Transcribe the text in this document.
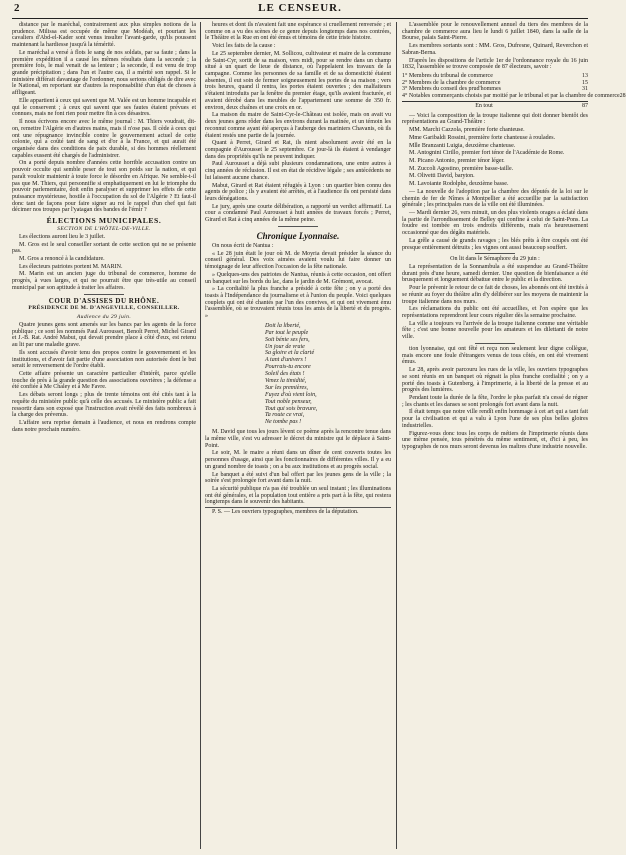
2	LE CENSEUR.

distance par le maréchal, contrairement aux plus simples notions de la prudence. Milissa est occupée de même que Modéah, et pourtant les cavaliers d'Abd-el-Kader sont venus insulter l'avant-garde, qu'ils poussent maintenant la hardiesse jusqu'à la témérité.

Le maréchal a versé à flots le sang de nos soldats, par sa faute ; dans la première expédition il a causé les mêmes résultats dans la seconde ; la première fois, le mal venait de sa lenteur ; la seconde, il est venu de trop grande précipitation ; dans l'un et l'autre cas, il a mérité son rappel. Si le ministère différait davantage de l'ordonner, nous serions obligés de dire avec le National, en reportant sur d'autres la responsabilité d'un état de choses à affligeant.

Elle appartient à ceux qui savent que M. Valée est un homme incapable et qui le conservent ; à ceux qui savent que ses fautes étaient prévues et connues, mais ne font rien pour mettre fin à ces désastres.

Il nous écrivons encore avec le même journal : M. Thiers voudrait, dit-on, remettre l'Algérie en d'autres mains, mais il n'ose pas. Il cède à ceux qui ont une répugnance invincible contre le gouvernement actuel de cette colonie, qui a coûté tant de sang et d'or à la France, et qui aurait été organisée dans des conditions de paix durable, si des hommes réellement capables eussent été chargés de l'administrer.

On a porté depuis nombre d'années cette horrible accusation contre un pouvoir occulte qui semble peser de tout son poids sur la nation, et qui paraît vouloir maintenir à toute force le désordre en Afrique. Ne semble-t-il pas que M. Thiers, qui personnifie si emphatiquement en lui le triomphe du pouvoir parlementaire, doit enfin paralyser et supprimer les effets de cette puissance mystérieuse, hostile à l'occupation du sol de l'Algérie ? Et faut-il donc tant de façons pour faire signer au roi le rappel d'un chef qui fait décimer nos troupes par l'yatagan des bandes de l'émir ?

ÉLECTIONS MUNICIPALES.
SECTION DE L'HÔTEL-DE-VILLE.

Les élections auront lieu le 3 juillet.

M. Gros est le seul conseiller sortant de cette section qui ne se présente pas.

M. Gros a renoncé à la candidature.

Les électeurs patriotes portent M. MARIN.

M. Marin est un ancien juge du tribunal de commerce, homme de progrès, à vues larges, et qui ne pourrait être que très-utile au conseil municipal par son aptitude à traiter les affaires.

COUR D'ASSISES DU RHÔNE.
PRÉSIDENCE DE M. D'ANGEVILLE, CONSEILLER.
Audience du 29 juin.

Quatre jeunes gens sont amenés sur les bancs par les agents de la force publique ; ce sont les nommés Paul Aurousset, Benoît Perret, Michel Girard et J.-B. Rat. André Mabut, qui devait prendre place à côté d'eux, est retenu au lit par une maladie grave.

Ils sont accusés d'avoir tenu des propos contre le gouvernement et les institutions, et d'avoir fait partie d'une association non autorisée dont le but serait le renversement de l'ordre établi.

Cette affaire présente un caractère particulier d'intérêt, parce qu'elle touche de près à la grande question des associations ouvrières ; la défense a été confiée à Me Chaley et à Me Favre.

Les débats seront longs ; plus de trente témoins ont été cités tant à la requête du ministère public qu'à celle des accusés. Le ministère public a fait ressortir dans son exposé que l'instruction avait révélé des faits nombreux à la charge des prévenus.

L'affaire sera reprise demain à l'audience, et nous en rendrons compte dans notre prochain numéro.

heures et dont ils n'avaient fait une espérance si cruellement renversée ; et comme on a vu des scènes de ce genre depuis longtemps dans nos contrées, le Théâtre et la Rue en ont été émus et témoins de cette triste histoire.

Voici les faits de la cause :

Le 25 septembre dernier, M. Sollicou, cultivateur et maire de la commune de Saint-Cyr, sortit de sa maison, vers midi, pour se rendre dans un champ situé à un quart de lieue de distance, où l'appelaient les travaux de la campagne. Comme les personnes de sa famille et de sa domesticité étaient absentes, il eut soin de fermer soigneusement les portes de sa maison ; vers trois heures, quand il rentra, les portes étaient ouvertes ; des malfaiteurs s'étaient introduits par la fenêtre du premier étage, qu'ils avaient fracturée, et avaient dérobé dans les meubles de l'appartement une somme de 350 fr. environ, deux chaînes et une croix en or.

La maison du maire de Saint-Cyr-le-Château est isolée, mais on avait vu deux jeunes gens rôder dans les environs durant la matinée, et un témoin les reconnut comme ayant été aperçus à l'auberge des mariniers Chavanis, où ils étaient restés une partie de la journée.

Quant à Perret, Girard et Rat, ils nient absolument avoir été en la compagnie d'Aurousset le 25 septembre. Ce jour-là ils étaient à vendanger dans des propriétés qu'ils ne peuvent indiquer.

Paul Aurousset a déjà subi plusieurs condamnations, une entre autres à cinq années de réclusion. Il est en état de récidive légale ; ses antécédents ne lui laissent aucune chance.

Mabut, Girard et Rat étaient réfugiés à Lyon : un quartier bien connu des agents de police ; ils y avaient été arrêtés, et à l'audience ils ont persisté dans leurs dénégations.

Le jury, après une courte délibération, a rapporté un verdict affirmatif. La cour a condamné Paul Aurousset à huit années de travaux forcés ; Perret, Girard et Rat à cinq années de la même peine.

Chronique Lyonnaise.

On nous écrit de Nantua :

« Le 28 juin était le jour où M. de Moyria devait présider la séance du conseil général. Des voix aimées avaient voulu lui faire donner un témoignage de leur affection l'occasion de la fête nationale.

» Quelques-uns des patriotes de Nantua, réunis à cette occasion, ont offert un banquet sur les bords du lac, dans le jardin de M. Grémont, avocat.

» La cordialité la plus franche a présidé à cette fête ; on y a porté des toasts à l'Indépendance du journalisme et à l'union du peuple. Voici quelques couplets qui ont été chantés par l'un des convives, et qui ont vivement ému l'assemblée, où se trouvaient réunis tous les amis de la liberté et du progrès. »

Doit la liberté,
Par tout le peuple
Soit bénie ses fers,
Un jour de vraie
Sa gloire et la clarté
A tant d'univers !
Pourrais-tu encore
Soleil des états !
Venez la timidité,
Sur les premières,
Fuyez d'où vient loin,
Tout noble penseur,
Tout qui sois bravure,
Ta route ce vrai,
Ne tombe pas !

M. David que tous les jours lèvent ce poème après la rencontre tenue dans la même ville, s'est vu adresser le décret du ministre qui le déplace à Saint-Point.

Le soir, M. le maire a réuni dans un dîner de cent couverts toutes les personnes d'usage, ainsi que les fonctionnaires de différentes villes. Il y a eu un grand nombre de toasts ; on a bu aux institutions et au progrès social.

Le banquet a été suivi d'un bal offert par les jeunes gens de la ville ; la soirée s'est prolongée fort avant dans la nuit.

La sécurité publique n'a pas été troublée un seul instant ; les illuminations ont été générales, et la population tout entière a pris part à la fête, qui restera longtemps dans le souvenir des habitants.

P. S. — Les ouvriers typographes, membres de la députation.

L'assemblée pour le renouvellement annuel du tiers des membres de la chambre de commerce aura lieu le lundi 6 juillet 1840, dans la salle de la Bourse, palais Saint-Pierre.

Les membres sortants sont : MM. Gros, Dufresne, Quinard, Reverchon et Sabran-Berna.

D'après les dispositions de l'article 1er de l'ordonnance royale du 16 juin 1832, l'assemblée se trouve composée de 87 électeurs, savoir :

1° Membres du tribunal de commerce	13
2° Membres de la chambre de commerce	15
3° Membres du conseil des prud'hommes	31
4° Notables commerçants choisis par moitié par le tribunal et par la chambre de commerce 28
En tout	87

— Voici la composition de la troupe italienne qui doit donner bientôt des représentations au Grand-Théâtre :

MM. Marchi Cazzola, première forte chanteuse.

Mme Garibaldi Rossini, première forte chanteuse à roulades.

Mlle Branzanti Luigia, deuxième chanteuse.

M. Antognini Cirillo, premier fort ténor de l'Académie de Rome.

M. Picano Antonio, premier ténor léger.

M. Zuccoli Agostino, première basse-taille.

M. Olivetti David, baryton.

M. Lavoiante Rodolphe, deuxième basse.

— La nouvelle de l'adoption par la chambre des députés de la loi sur le chemin de fer de Nîmes à Montpellier a été accueillie par la satisfaction générale ; les principales rues de la ville ont été illuminées.

— Mardi dernier 26, vers minuit, un des plus violents orages a éclaté dans la partie de l'arrondissement de Belley qui confine à celui de Saint-Pons. La foudre est tombée en trois endroits différents, mais n'a heureusement occasionné que des dégâts matériels.

La grêle a causé de grands ravages ; les blés prêts à être coupés ont été presque entièrement détruits ; les vignes ont aussi beaucoup souffert.

On lit dans le Sémaphore du 29 juin :

La représentation de la Sonnambula a été suspendue au Grand-Théâtre durant près d'une heure, samedi dernier. Une question de bienfaisance a été brusquement et longuement débattue entre le public et la direction.

Pour le prévenir le retour de ce fait de choses, les abonnés ont été invités à se réunir au foyer du théâtre afin d'y délibérer sur les moyens de maintenir la troupe italienne dans nos murs.

Les réclamations du public ont été accueillies, et l'on espère que les représentations reprendront leur cours régulier dès la semaine prochaine.

La ville a toujours vu l'arrivée de la troupe italienne comme une véritable fête ; c'est une bonne nouvelle pour les amateurs et les dilettanti de notre ville.

tion lyonnaise, qui ont fêté et reçu non seulement leur digne collègue, mais encore une foule d'étrangers venus de tous côtés, en ont été vivement émus.

Le 28, après avoir parcouru les rues de la ville, les ouvriers typographes se sont réunis en un banquet où régnait la plus franche cordialité ; on y a porté des toasts à Gutenberg, à l'imprimerie, à la liberté de la presse et au progrès des lumières.

Pendant toute la durée de la fête, l'ordre le plus parfait n'a cessé de régner ; les chants et les danses se sont prolongés fort avant dans la nuit.

Il était temps que notre ville rendît enfin hommage à cet art qui a tant fait pour la civilisation et qui a valu à Lyon l'une de ses plus belles gloires industrielles.

Figurez-vous donc tous les corps de métiers de l'imprimerie réunis dans une même pensée, tous pénétrés du même sentiment, et, d'ici à peu, les typographes de nos murs seront devenus les maîtres d'une industrie nouvelle.
